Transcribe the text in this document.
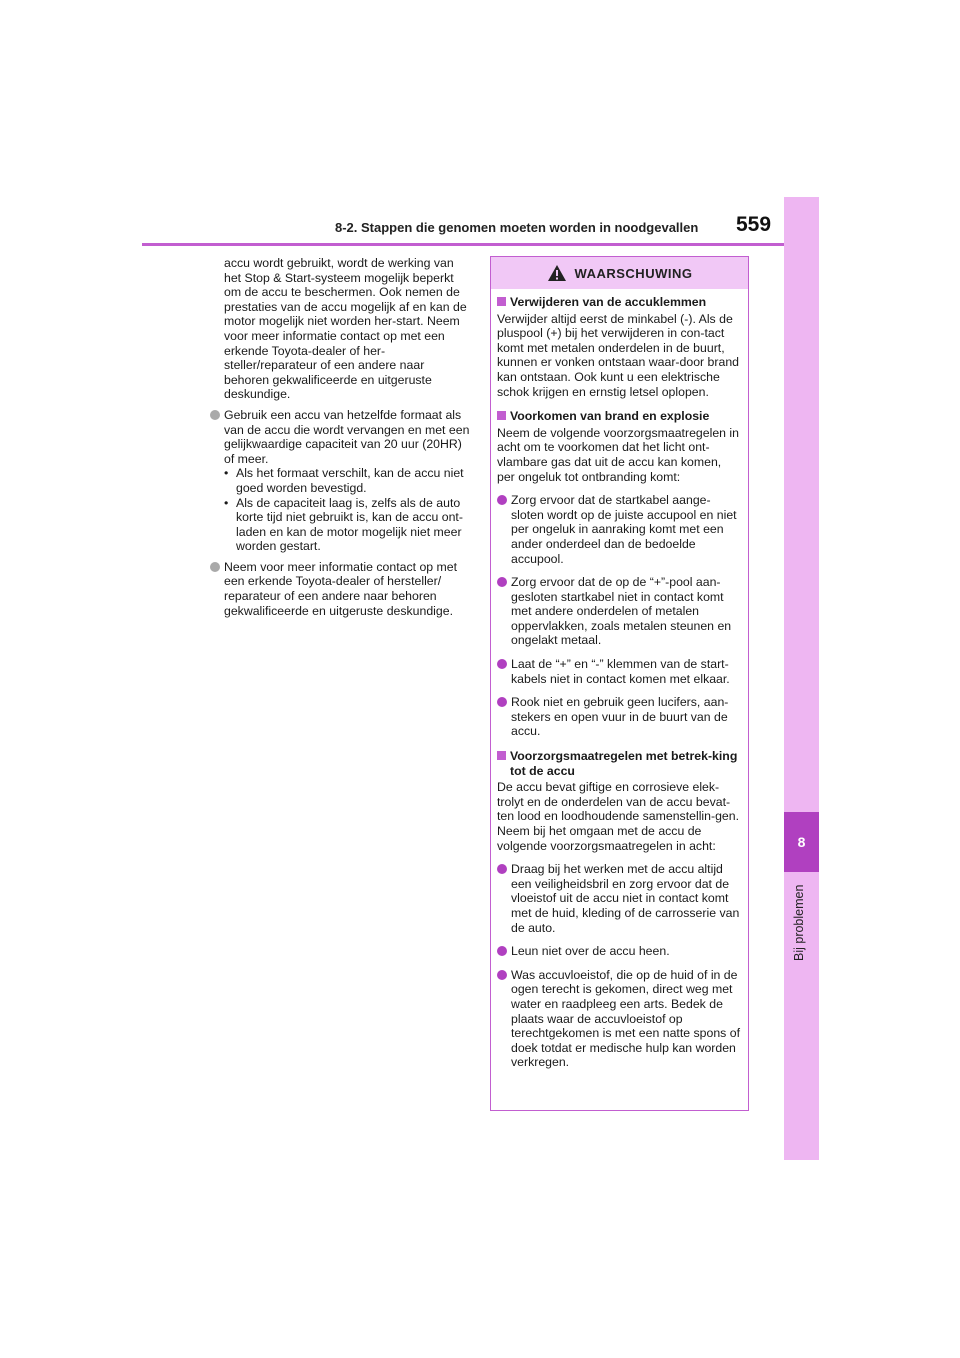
8
Bij problemen
8-2. Stappen die genomen moeten worden in noodgevallen 559

accu wordt gebruikt, wordt de werking van het Stop & Start-systeem mogelijk beperkt om de accu te beschermen. Ook nemen de prestaties van de accu mogelijk af en kan de motor mogelijk niet worden her-start. Neem voor meer informatie contact op met een erkende Toyota-dealer of her-steller/reparateur of een andere naar behoren gekwalificeerde en uitgeruste deskundige.

Gebruik een accu van hetzelfde formaat als van de accu die wordt vervangen en met een gelijkwaardige capaciteit van 20 uur (20HR) of meer.
• Als het formaat verschilt, kan de accu niet goed worden bevestigd.
• Als de capaciteit laag is, zelfs als de auto korte tijd niet gebruikt is, kan de accu ont-laden en kan de motor mogelijk niet meer worden gestart.
Neem voor meer informatie contact op met een erkende Toyota-dealer of hersteller/ reparateur of een andere naar behoren gekwalificeerde en uitgeruste deskundige.
WAARSCHUWING
Verwijderen van de accuklemmen

Verwijder altijd eerst de minkabel (-). Als de pluspool (+) bij het verwijderen in con-tact komt met metalen onderdelen in de buurt, kunnen er vonken ontstaan waar-door brand kan ontstaan. Ook kunt u een elektrische schok krijgen en ernstig letsel oplopen.

Voorkomen van brand en explosie

Neem de volgende voorzorgsmaatregelen in acht om te voorkomen dat het licht ont-vlambare gas dat uit de accu kan komen, per ongeluk tot ontbranding komt:

Zorg ervoor dat de startkabel aange-sloten wordt op de juiste accupool en niet per ongeluk in aanraking komt met een ander onderdeel dan de bedoelde accupool.
Zorg ervoor dat de op de “+”-pool aan-gesloten startkabel niet in contact komt met andere onderdelen of metalen oppervlakken, zoals metalen steunen en ongelakt metaal.
Laat de “+” en “-” klemmen van de start-kabels niet in contact komen met elkaar.
Rook niet en gebruik geen lucifers, aan-stekers en open vuur in de buurt van de accu.
Voorzorgsmaatregelen met betrek-king tot de accu

De accu bevat giftige en corrosieve elek-trolyt en de onderdelen van de accu bevat-ten lood en loodhoudende samenstellin-gen. Neem bij het omgaan met de accu de volgende voorzorgsmaatregelen in acht:

Draag bij het werken met de accu altijd een veiligheidsbril en zorg ervoor dat de vloeistof uit de accu niet in contact komt met de huid, kleding of de carrosserie van de auto.
Leun niet over de accu heen.
Was accuvloeistof, die op de huid of in de ogen terecht is gekomen, direct weg met water en raadpleeg een arts. Bedek de plaats waar de accuvloeistof op terechtgekomen is met een natte spons of doek totdat er medische hulp kan worden verkregen.
